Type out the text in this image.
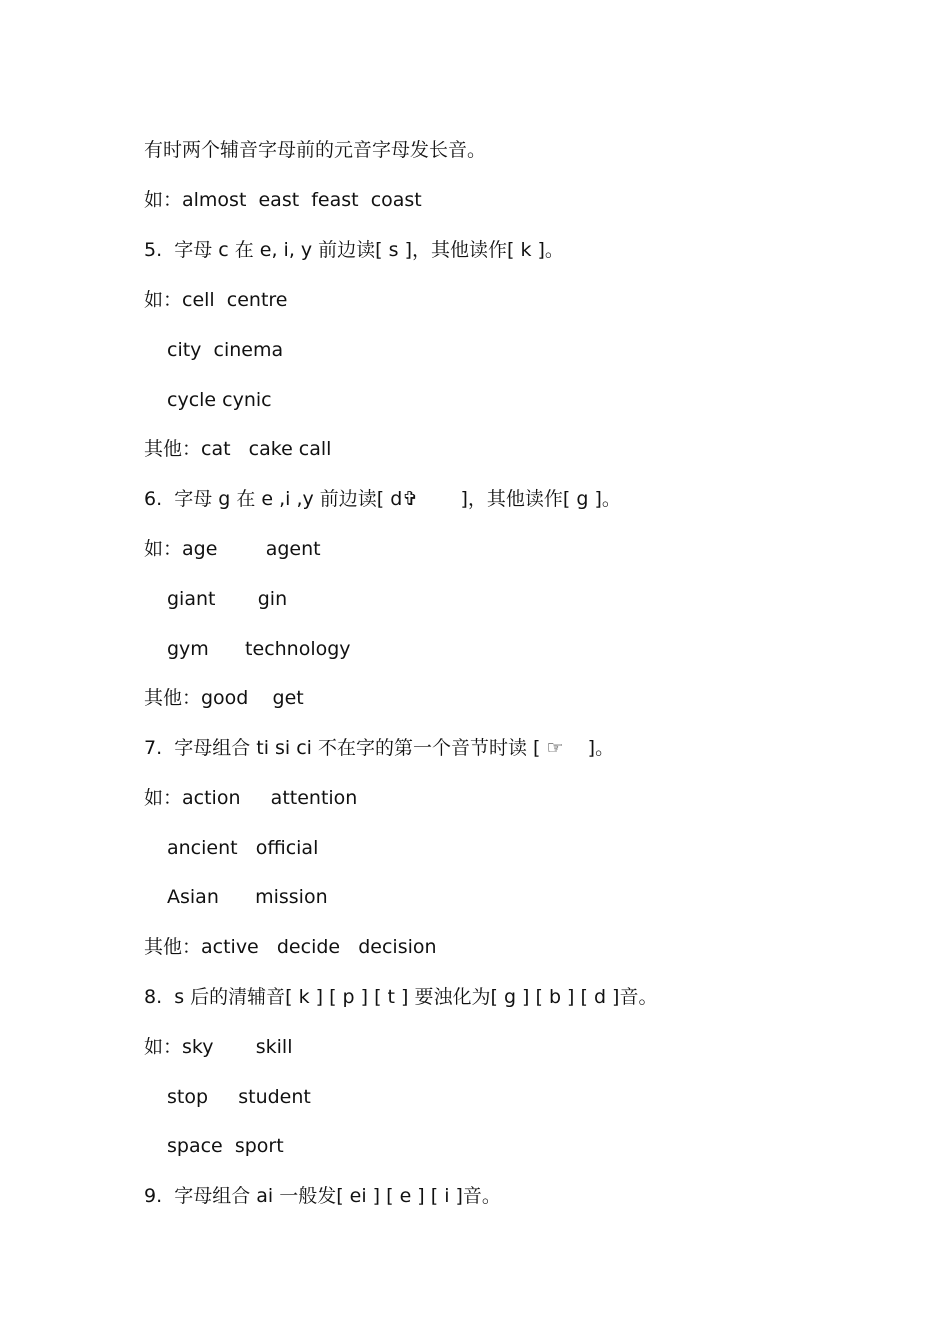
有时两个辅音字母前的元音字母发长音。
如：almost  east  feast  coast
5.  字母 c 在 e, i, y 前边读[ s ]，其他读作[ k ]。
如：cell  centre
city  cinema
cycle cynic
其他：cat   cake call
6.  字母 g 在 e ,i ,y 前边读[ d✞       ]，其他读作[ g ]。
如：age        agent
giant       gin
gym      technology
其他：good    get
7.  字母组合 ti si ci 不在字的第一个音节时读 [ ☞    ]。
如：action     attention
ancient   official
Asian      mission
其他：active   decide   decision
8.  s 后的清辅音[ k ] [ p ] [ t ] 要浊化为[ g ] [ b ] [ d ]音。
如：sky       skill
stop     student
space  sport
9.  字母组合 ai 一般发[ ei ] [ e ] [ i ]音。
